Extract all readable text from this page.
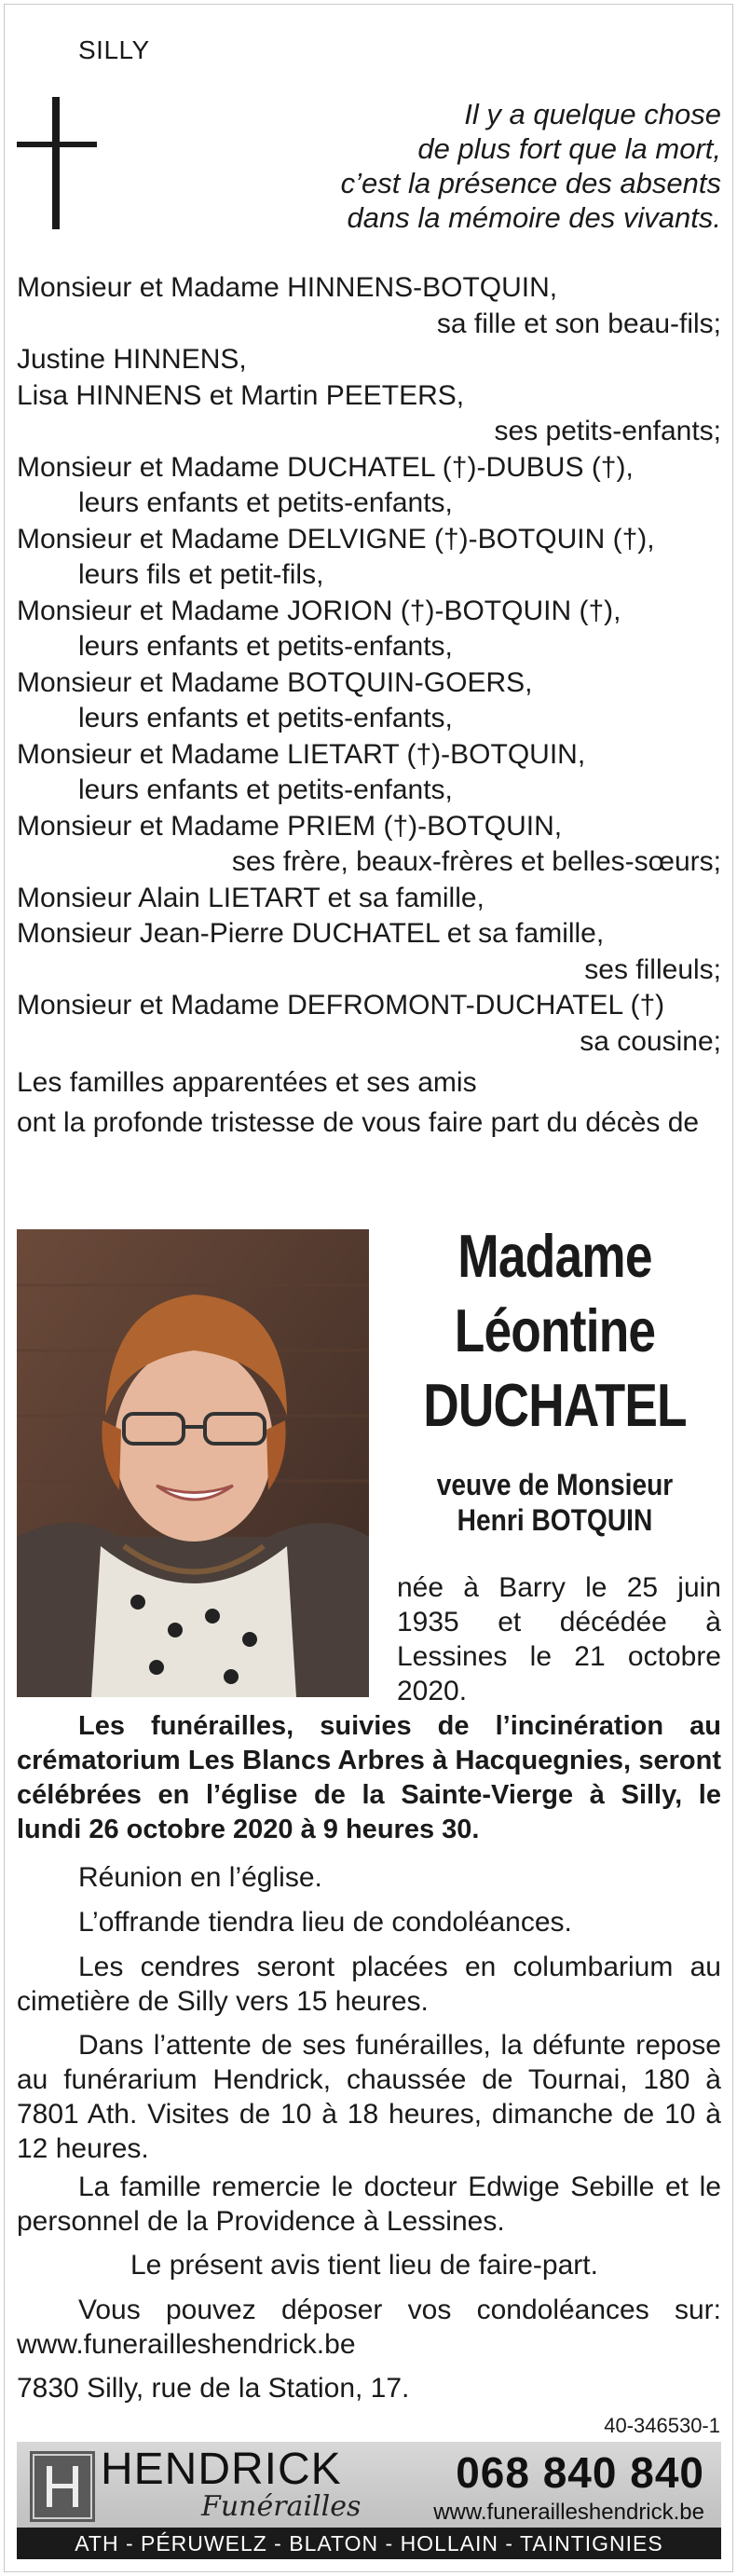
SILLY
Il y a quelque chose
de plus fort que la mort,
c’est la présence des absents
dans la mémoire des vivants.
Monsieur et Madame HINNENS-BOTQUIN,
sa fille et son beau-fils;
Justine HINNENS,
Lisa HINNENS et Martin PEETERS,
ses petits-enfants;
Monsieur et Madame DUCHATEL (†)-DUBUS (†),
leurs enfants et petits-enfants,
Monsieur et Madame DELVIGNE (†)-BOTQUIN (†),
leurs fils et petit-fils,
Monsieur et Madame JORION (†)-BOTQUIN (†),
leurs enfants et petits-enfants,
Monsieur et Madame BOTQUIN-GOERS,
leurs enfants et petits-enfants,
Monsieur et Madame LIETART (†)-BOTQUIN,
leurs enfants et petits-enfants,
Monsieur et Madame PRIEM (†)-BOTQUIN,
ses frère, beaux-frères et belles-sœurs;
Monsieur Alain LIETART et sa famille,
Monsieur Jean-Pierre DUCHATEL et sa famille,
ses filleuls;
Monsieur et Madame DEFROMONT-DUCHATEL (†)
sa cousine;
Les familles apparentées et ses amis
ont la profonde tristesse de vous faire part du décès de
Madame
Léontine
DUCHATEL
veuve de Monsieur
Henri BOTQUIN
née à Barry le 25 juin 1935 et décédée à Lessines le 21 octobre 2020.
Les funérailles, suivies de l’incinération au crématorium Les Blancs Arbres à Hacquegnies, seront célébrées en l’église de la Sainte-Vierge à Silly, le lundi 26 octobre 2020 à 9 heures 30.
Réunion en l’église.
L’offrande tiendra lieu de condoléances.
Les cendres seront placées en columbarium au cimetière de Silly vers 15 heures.
Dans l’attente de ses funérailles, la défunte repose au funérarium Hendrick, chaussée de Tournai, 180 à 7801 Ath. Visites de 10 à 18 heures, dimanche de 10 à 12 heures.
La famille remercie le docteur Edwige Sebille et le personnel de la Providence à Lessines.
Le présent avis tient lieu de faire-part.
Vous pouvez déposer vos condoléances sur: www.funerailleshendrick.be
7830 Silly, rue de la Station, 17.
40-346530-1
HENDRICK
Funérailles
068 840 840
www.funerailleshendrick.be
ATH - PÉRUWELZ - BLATON - HOLLAIN - TAINTIGNIES
